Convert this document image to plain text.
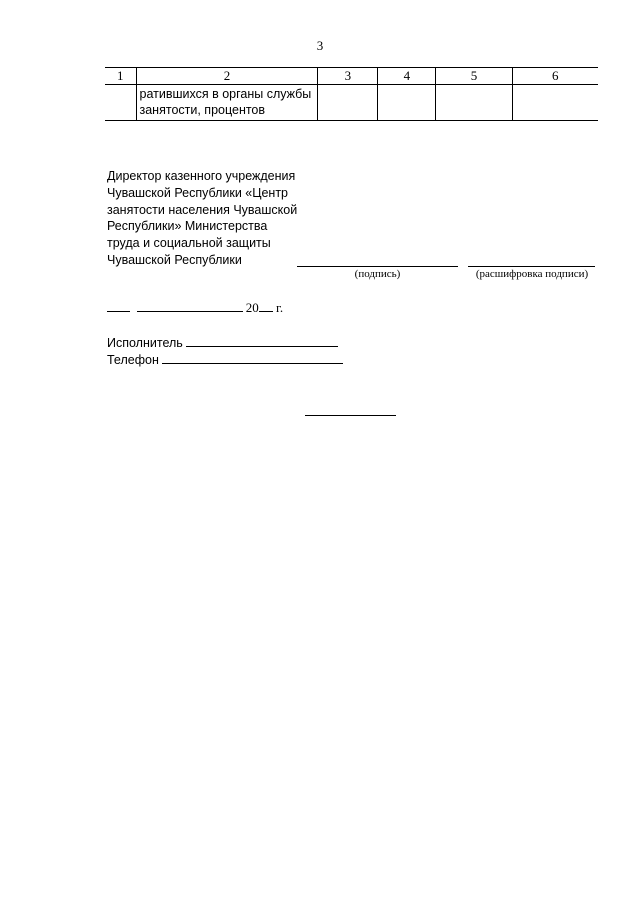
3
1	2	3	4	5	6

	ратившихся в органы службы
занятости, процентов				

Директор казенного учреждения
Чувашской Республики «Центр
занятости населения Чувашской
Республики» Министерства
труда и социальной защиты
Чувашской Республики
(подпись)	(расшифровка подписи)
20 г.
Исполнитель
Телефон
